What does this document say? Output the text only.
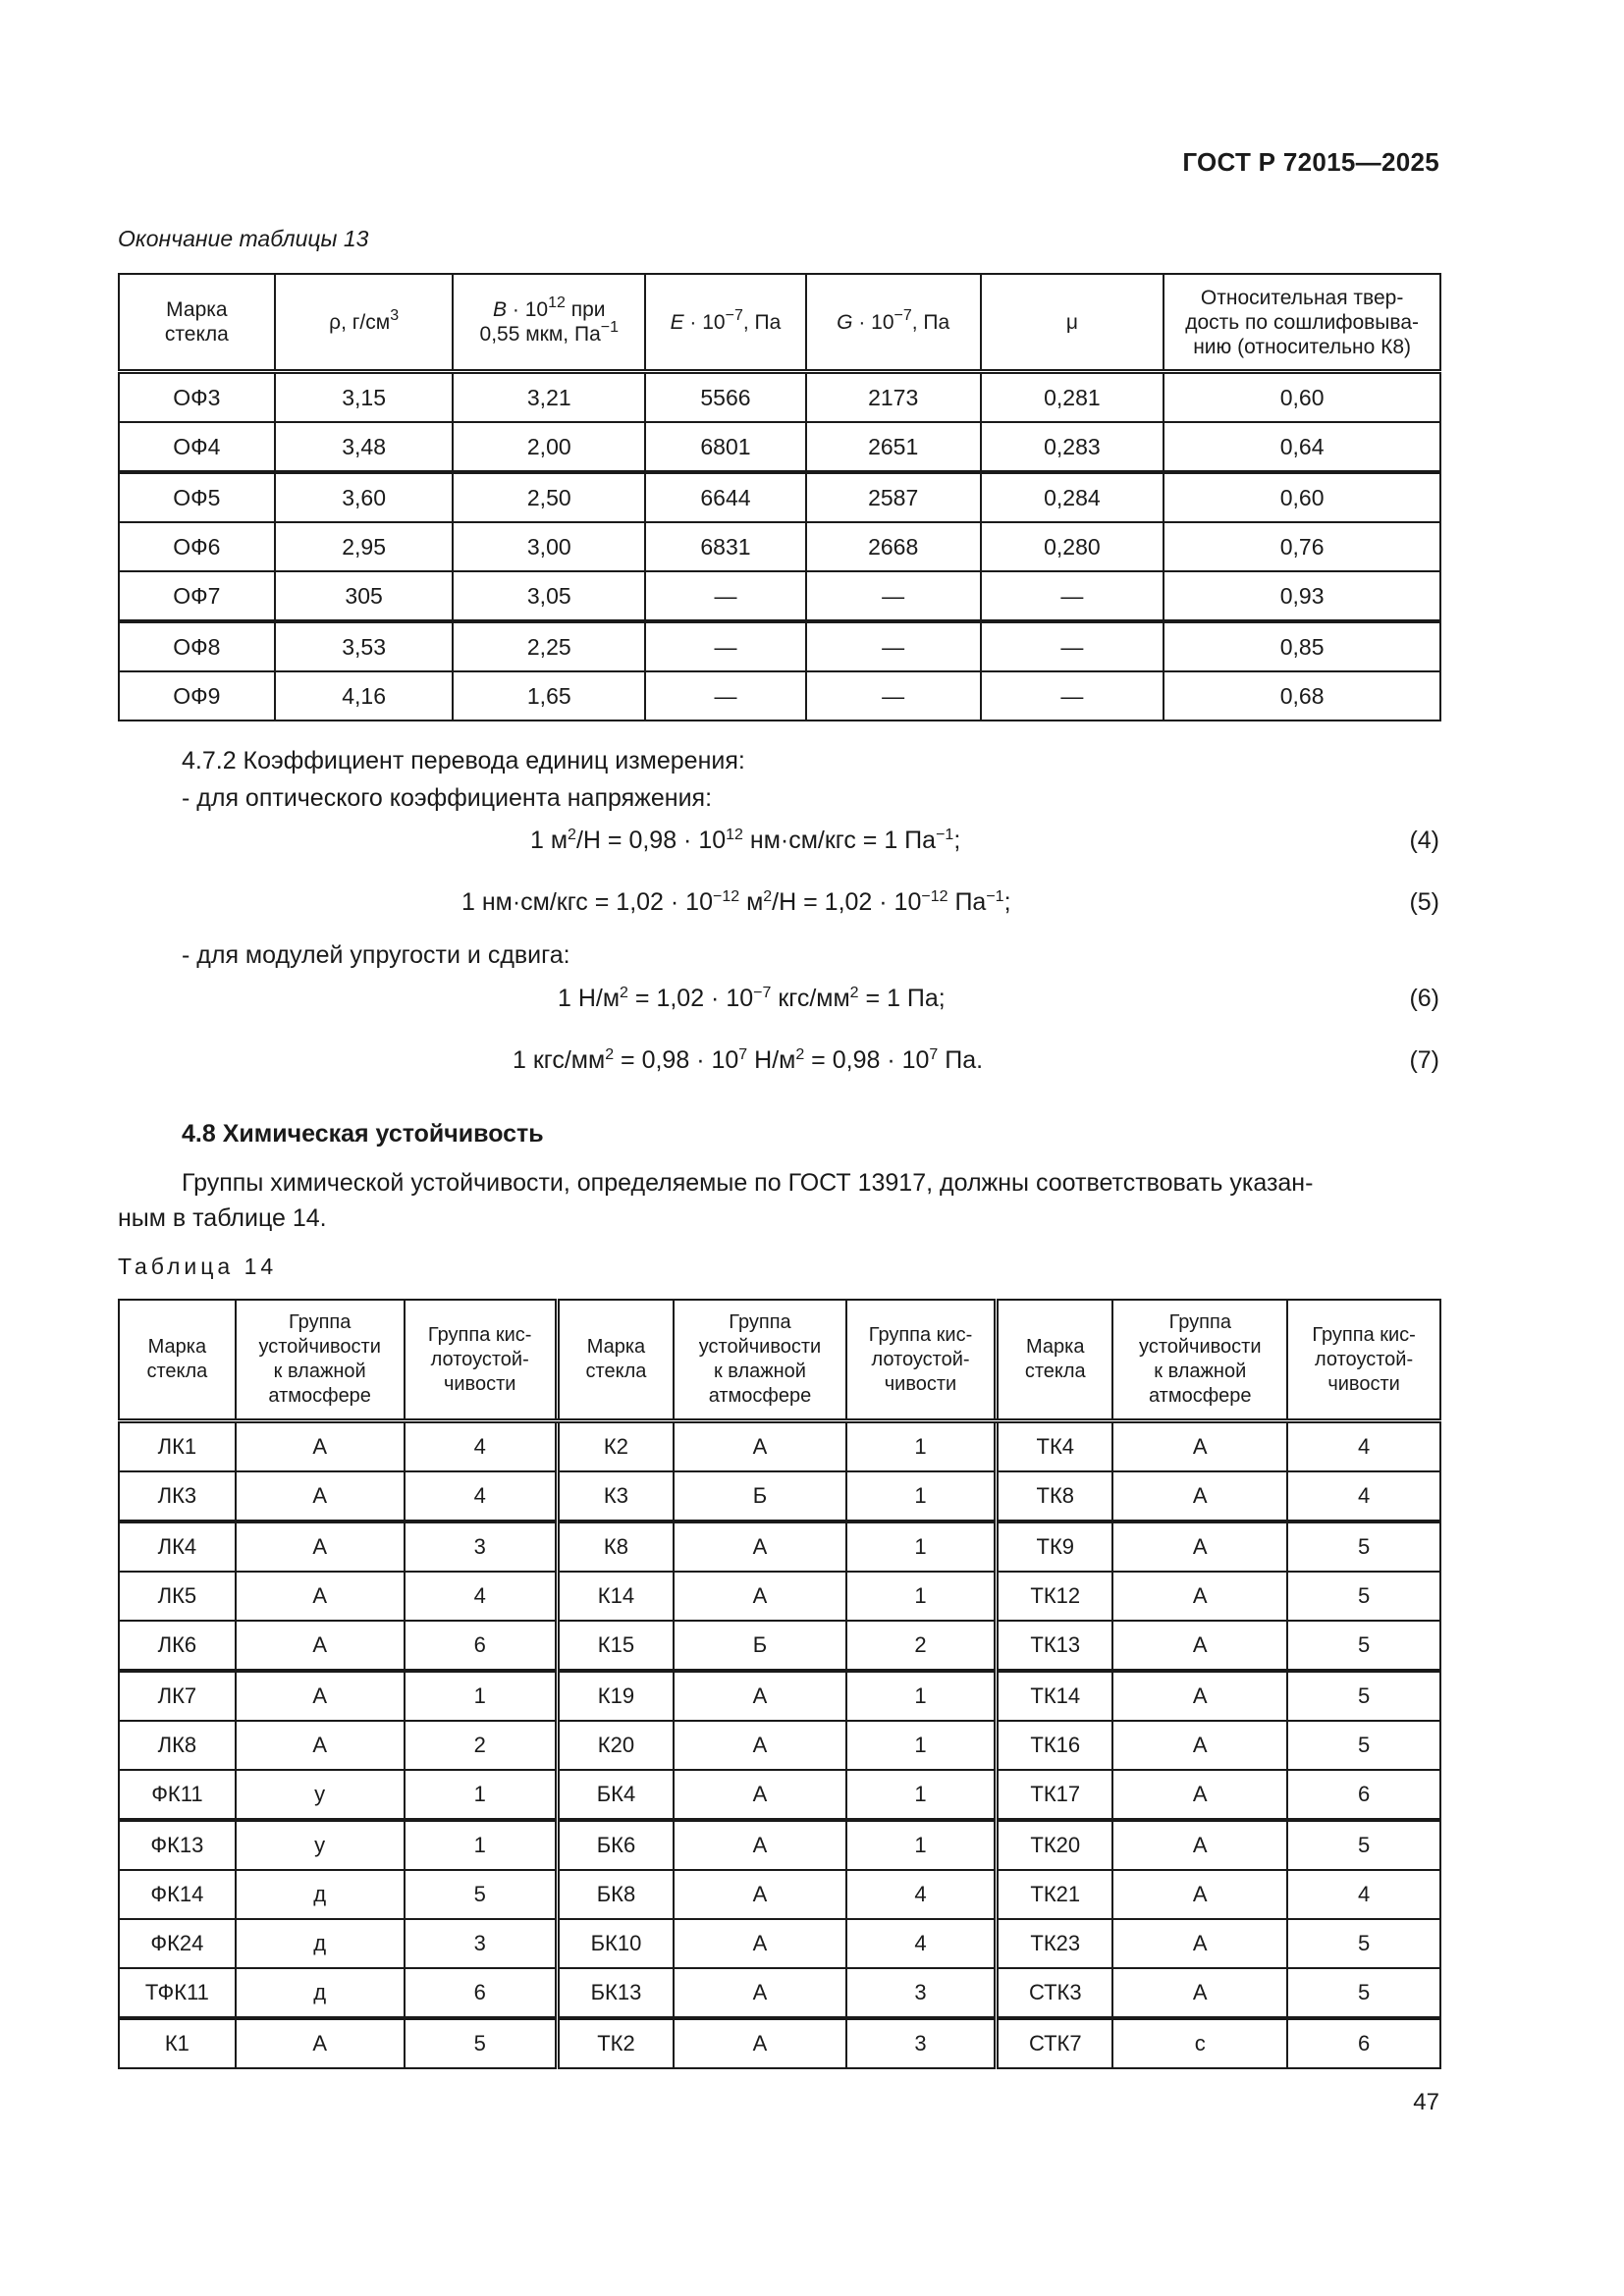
ГОСТ Р 72015—2025
Окончание таблицы 13
Марка
стекла	ρ, $г/см^3$	$B \cdot 10^{12}$ при
0,55 мкм, $Па^{-1}$	$E \cdot 10^{-7}$, Па	$G \cdot 10^{-7}$, Па	μ	Относительная твер-
дость по сошлифовыва-
нию (относительно К8)
ОФ3	3,15	3,21	5566	2173	0,281	0,60
ОФ4	3,48	2,00	6801	2651	0,283	0,64
ОФ5	3,60	2,50	6644	2587	0,284	0,60
ОФ6	2,95	3,00	6831	2668	0,280	0,76
ОФ7	305	3,05	—	—	—	0,93
ОФ8	3,53	2,25	—	—	—	0,85
ОФ9	4,16	1,65	—	—	—	0,68
4.7.2 Коэффициент перевода единиц измерения:
- для оптического коэффициента напряжения:
1 $м^2/Н = 0,98 \cdot 10^{12}$ нм·см/кгс = 1 $Па^{-1}$;	(4)
1 $нм\cdot см/кгс = 1,02 \cdot 10^{-12}$ $м^2/Н = 1,02 \cdot 10^{-12}$ $Па^{-1}$;	(5)
- для модулей упругости и сдвига:
1 $Н/м^2 = 1,02 \cdot 10^{-7}$ кгс/$мм^2 = 1$ Па;	(6)
1 кгс/$мм^2 = 0,98 \cdot 10^7$ $Н/м^2 = 0,98 \cdot 10^7$ Па.	(7)
4.8 Химическая устойчивость
Группы химической устойчивости, определяемые по ГОСТ 13917, должны соответствовать указан-
ным в таблице 14.
Таблица 14
Марка
стекла	Группа
устойчивости
к влажной
атмосфере	Группа кис-
лотоустой-
чивости	Марка
стекла	Группа
устойчивости
к влажной
атмосфере	Группа кис-
лотоустой-
чивости	Марка
стекла	Группа
устойчивости
к влажной
атмосфере	Группа кис-
лотоустой-
чивости
ЛК1	А	4	К2	А	1	ТК4	А	4
ЛК3	А	4	К3	Б	1	ТК8	А	4
ЛК4	А	3	К8	А	1	ТК9	А	5
ЛК5	А	4	К14	А	1	ТК12	А	5
ЛК6	А	6	К15	Б	2	ТК13	А	5
ЛК7	А	1	К19	А	1	ТК14	А	5
ЛК8	А	2	К20	А	1	ТК16	А	5
ФК11	у	1	БК4	А	1	ТК17	А	6
ФК13	у	1	БК6	А	1	ТК20	А	5
ФК14	д	5	БК8	А	4	ТК21	А	4
ФК24	д	3	БК10	А	4	ТК23	А	5
ТФК11	д	6	БК13	А	3	СТК3	А	5
К1	А	5	ТК2	А	3	СТК7	с	6
47
